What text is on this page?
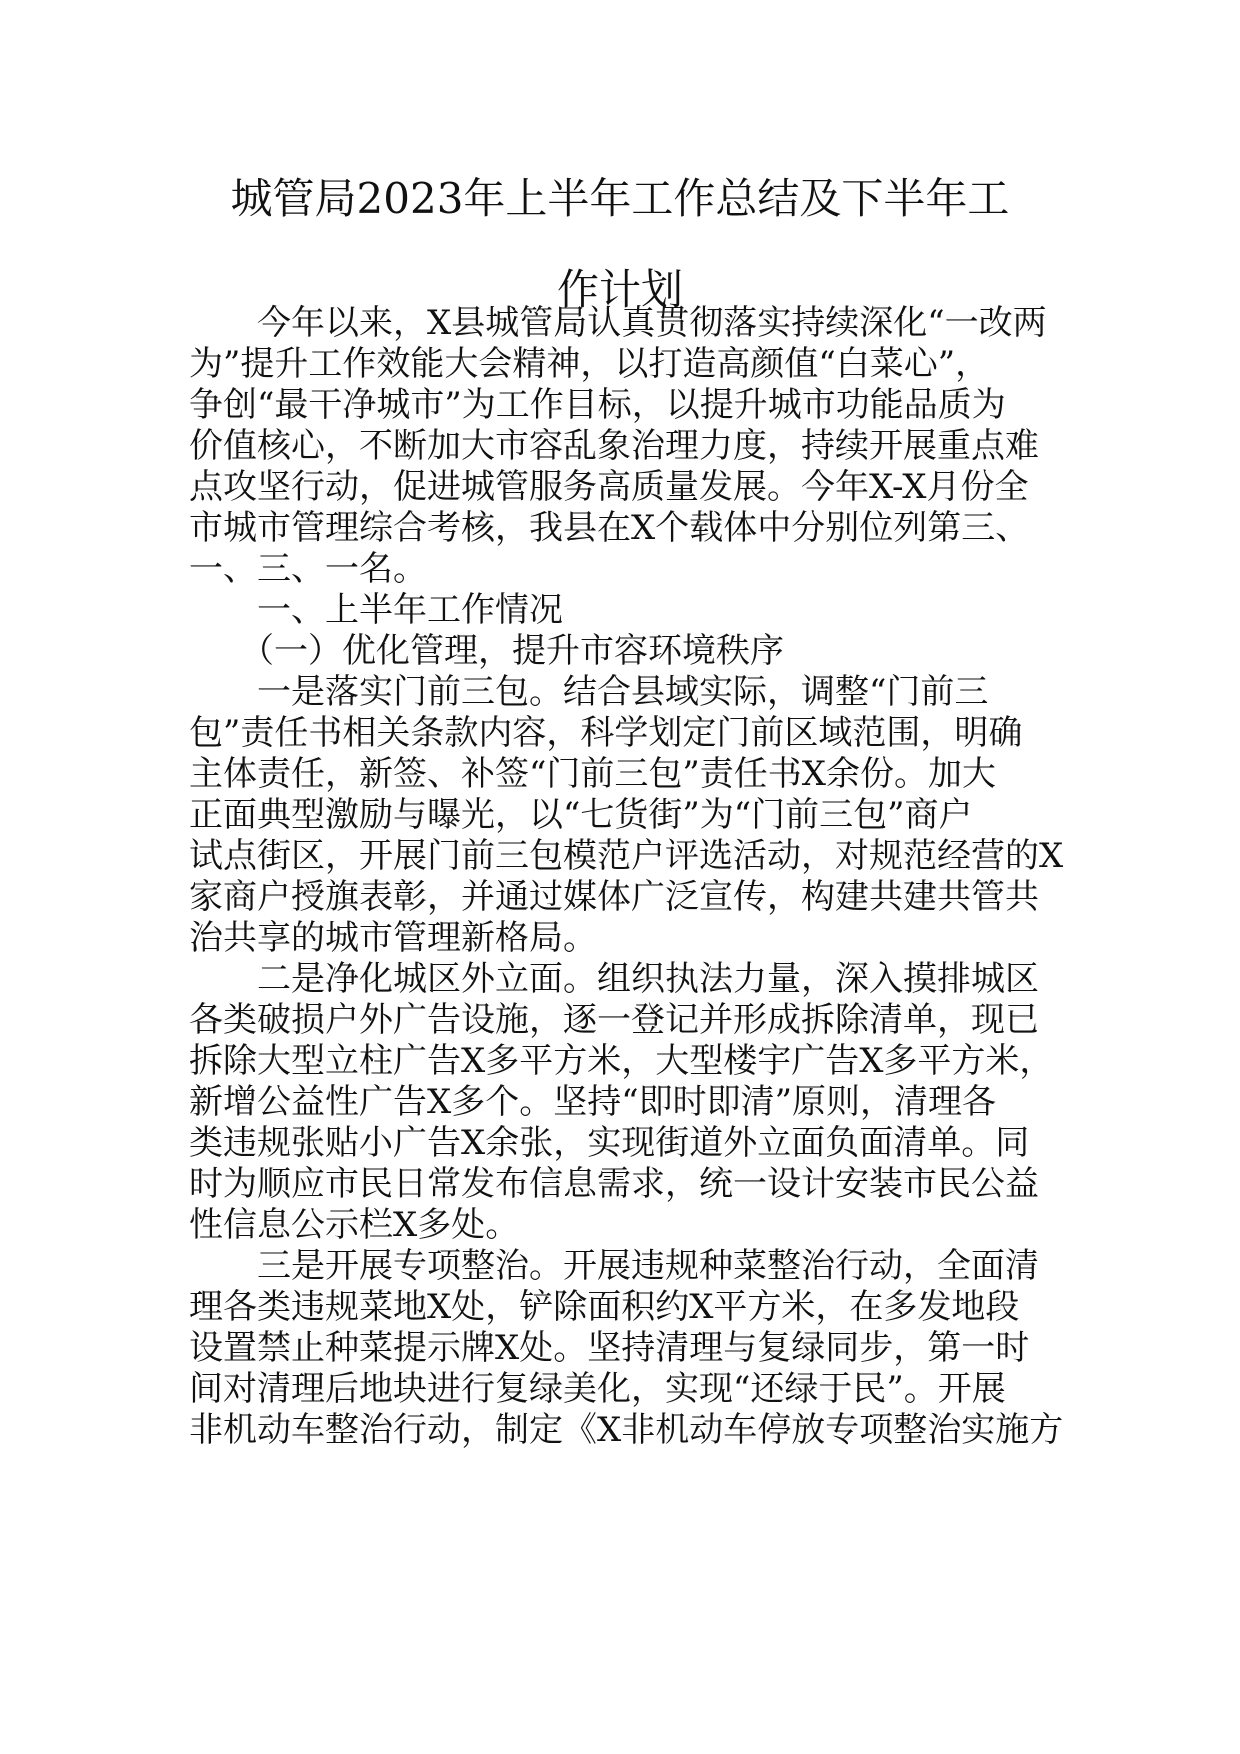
城管局2023年上半年工作总结及下半年工
作计划

　　今年以来，X县城管局认真贯彻落实持续深化“一改两

为”提升工作效能大会精神，以打造高颜值“白菜心”，

争创“最干净城市”为工作目标，以提升城市功能品质为

价值核心，不断加大市容乱象治理力度，持续开展重点难

点攻坚行动，促进城管服务高质量发展。今年X-X月份全

市城市管理综合考核，我县在X个载体中分别位列第三、

一、三、一名。

　　一、上半年工作情况

　　（一）优化管理，提升市容环境秩序

　　一是落实门前三包。结合县域实际，调整“门前三

包”责任书相关条款内容，科学划定门前区域范围，明确

主体责任，新签、补签“门前三包”责任书X余份。加大

正面典型激励与曝光，以“七货街”为“门前三包”商户

试点街区，开展门前三包模范户评选活动，对规范经营的X

家商户授旗表彰，并通过媒体广泛宣传，构建共建共管共

治共享的城市管理新格局。

　　二是净化城区外立面。组织执法力量，深入摸排城区

各类破损户外广告设施，逐一登记并形成拆除清单，现已

拆除大型立柱广告X多平方米，大型楼宇广告X多平方米，

新增公益性广告X多个。坚持“即时即清”原则，清理各

类违规张贴小广告X余张，实现街道外立面负面清单。同

时为顺应市民日常发布信息需求，统一设计安装市民公益

性信息公示栏X多处。

　　三是开展专项整治。开展违规种菜整治行动，全面清

理各类违规菜地X处，铲除面积约X平方米，在多发地段

设置禁止种菜提示牌X处。坚持清理与复绿同步，第一时

间对清理后地块进行复绿美化，实现“还绿于民”。开展

非机动车整治行动，制定《X非机动车停放专项整治实施方
